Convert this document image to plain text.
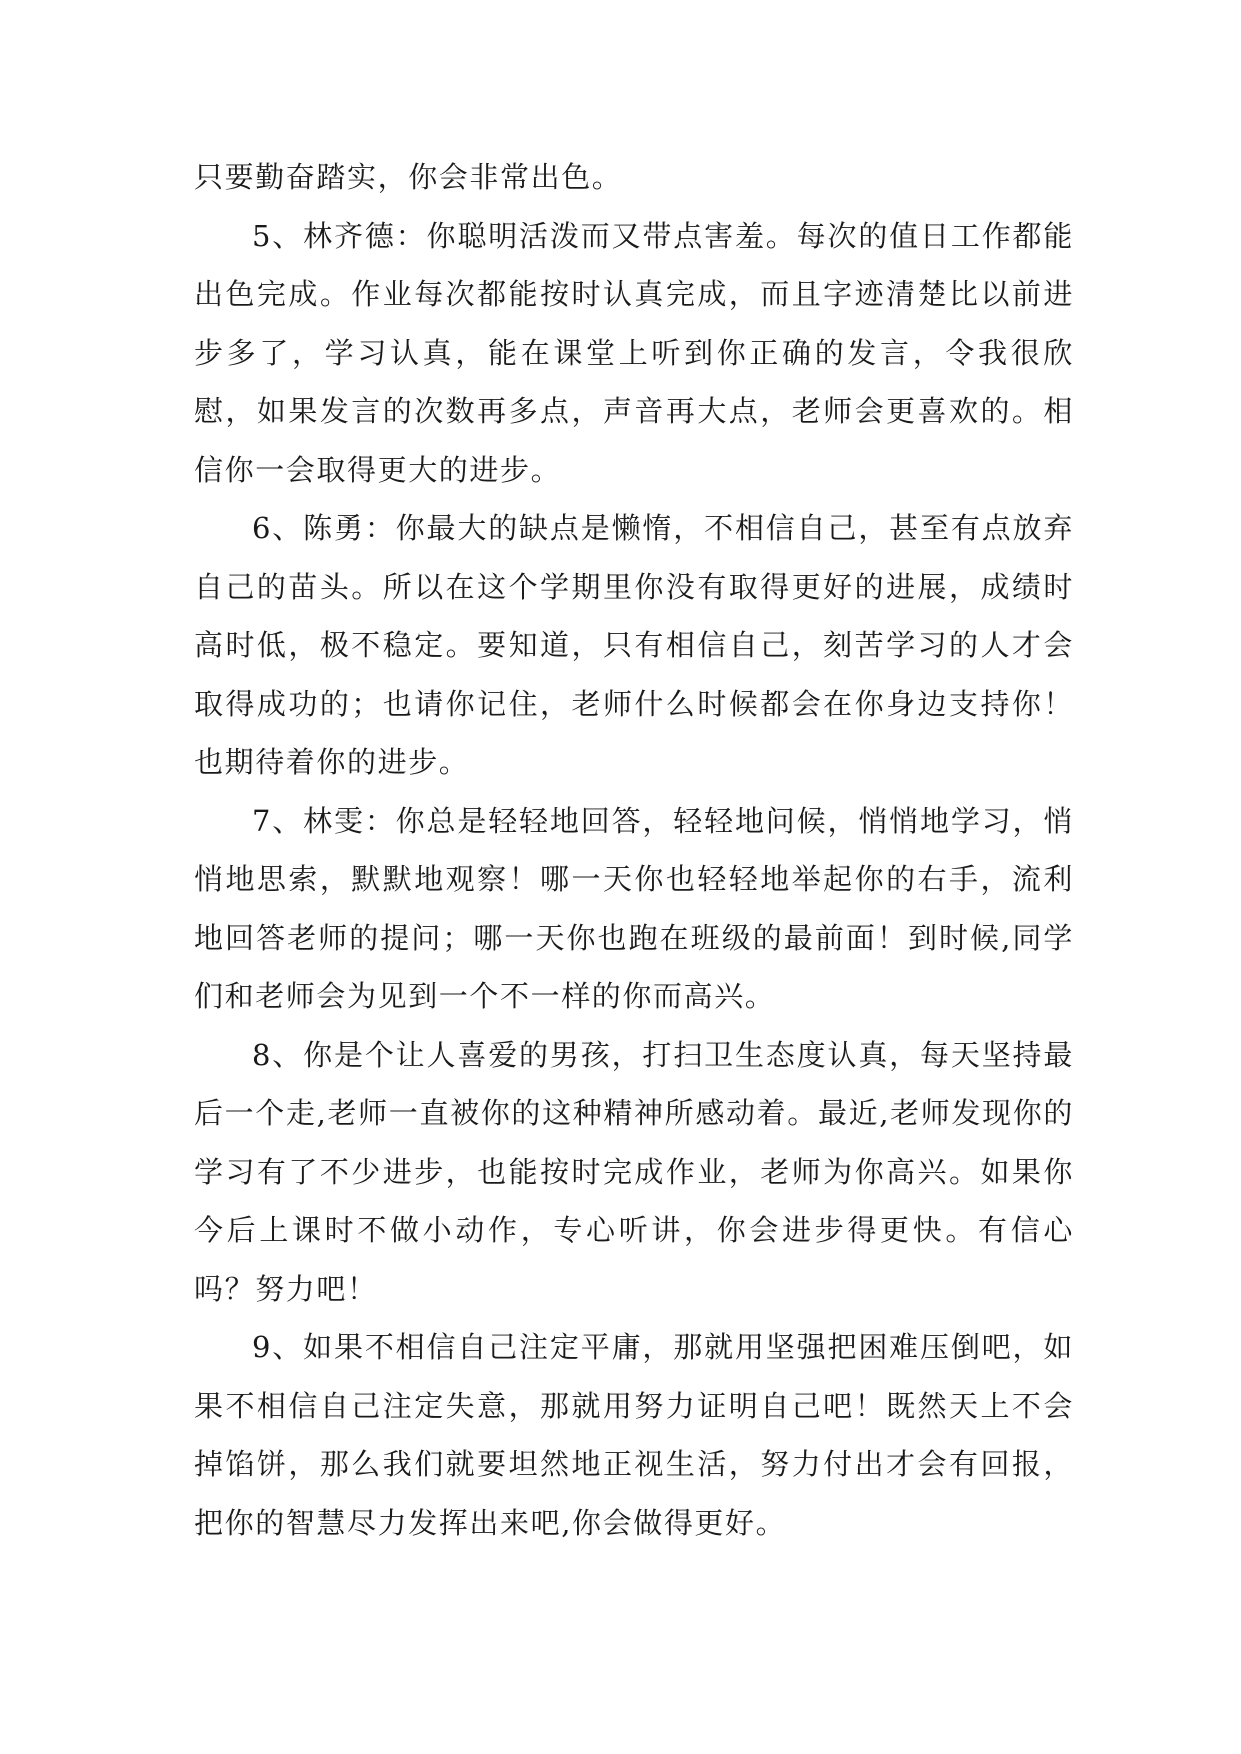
只要勤奋踏实，你会非常出色。

5、林齐德：你聪明活泼而又带点害羞。每次的值日工作都能出色完成。作业每次都能按时认真完成，而且字迹清楚比以前进步多了，学习认真，能在课堂上听到你正确的发言，令我很欣慰，如果发言的次数再多点，声音再大点，老师会更喜欢的。相信你一会取得更大的进步。

6、陈勇：你最大的缺点是懒惰，不相信自己，甚至有点放弃自己的苗头。所以在这个学期里你没有取得更好的进展，成绩时高时低，极不稳定。要知道，只有相信自己，刻苦学习的人才会取得成功的；也请你记住，老师什么时候都会在你身边支持你！也期待着你的进步。

7、林雯：你总是轻轻地回答，轻轻地问候，悄悄地学习，悄悄地思索，默默地观察！哪一天你也轻轻地举起你的右手，流利地回答老师的提问；哪一天你也跑在班级的最前面！到时候,同学们和老师会为见到一个不一样的你而高兴。

8、你是个让人喜爱的男孩，打扫卫生态度认真，每天坚持最后一个走,老师一直被你的这种精神所感动着。最近,老师发现你的学习有了不少进步，也能按时完成作业，老师为你高兴。如果你今后上课时不做小动作，专心听讲，你会进步得更快。有信心吗？努力吧！

9、如果不相信自己注定平庸，那就用坚强把困难压倒吧，如果不相信自己注定失意，那就用努力证明自己吧！既然天上不会掉馅饼，那么我们就要坦然地正视生活，努力付出才会有回报，把你的智慧尽力发挥出来吧,你会做得更好。
